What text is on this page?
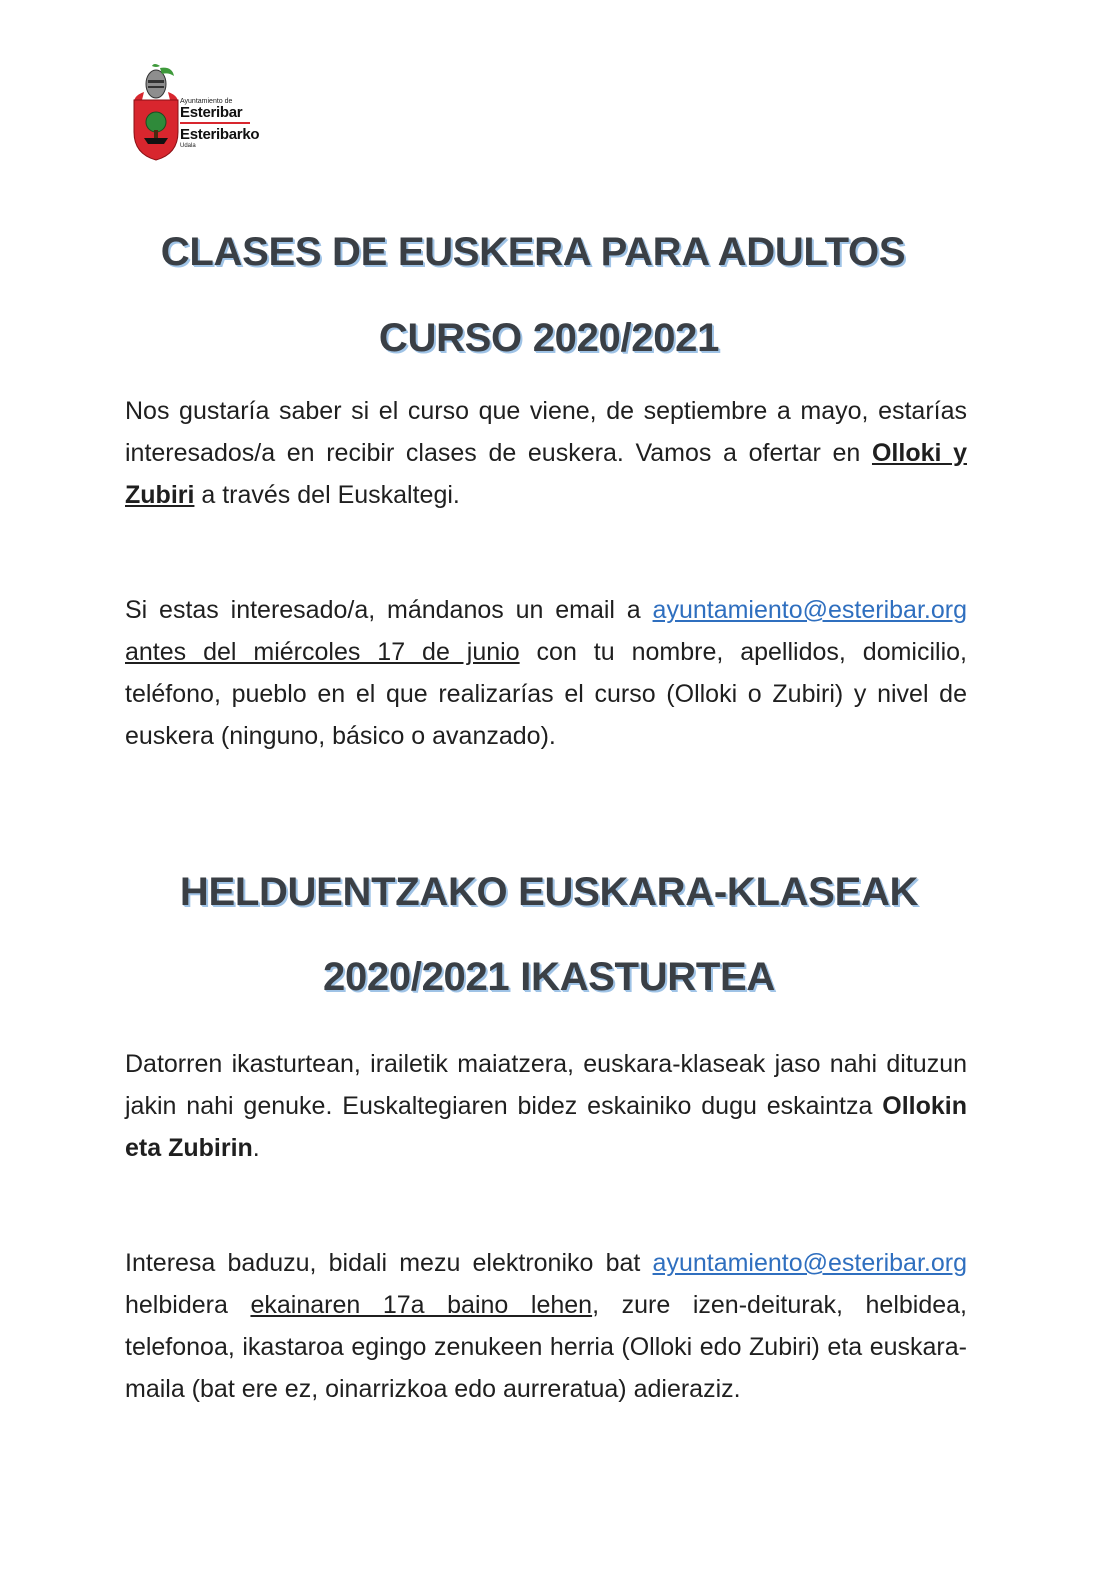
Ayuntamiento de
Esteribar
Esteribarko
Udala
CLASES DE EUSKERA PARA ADULTOS
CURSO 2020/2021

Nos gustaría saber si el curso que viene, de septiembre a mayo, estarías interesados/a en recibir clases de euskera. Vamos a ofertar en Olloki y Zubiri a través del Euskaltegi.

Si estas interesado/a, mándanos un email a ayuntamiento@esteribar.org antes del miércoles 17 de junio con tu nombre, apellidos, domicilio, teléfono, pueblo en el que realizarías el curso (Olloki o Zubiri) y nivel de euskera (ninguno, básico o avanzado).

HELDUENTZAKO EUSKARA-KLASEAK
2020/2021 IKASTURTEA

Datorren ikasturtean, irailetik maiatzera, euskara-klaseak jaso nahi dituzun jakin nahi genuke. Euskaltegiaren bidez eskainiko dugu eskaintza Ollokin eta Zubirin.

Interesa baduzu, bidali mezu elektroniko bat ayuntamiento@esteribar.org helbidera ekainaren 17a baino lehen, zure izen-deiturak, helbidea, telefonoa, ikastaroa egingo zenukeen herria (Olloki edo Zubiri) eta euskara-maila (bat ere ez, oinarrizkoa edo aurreratua) adieraziz.
